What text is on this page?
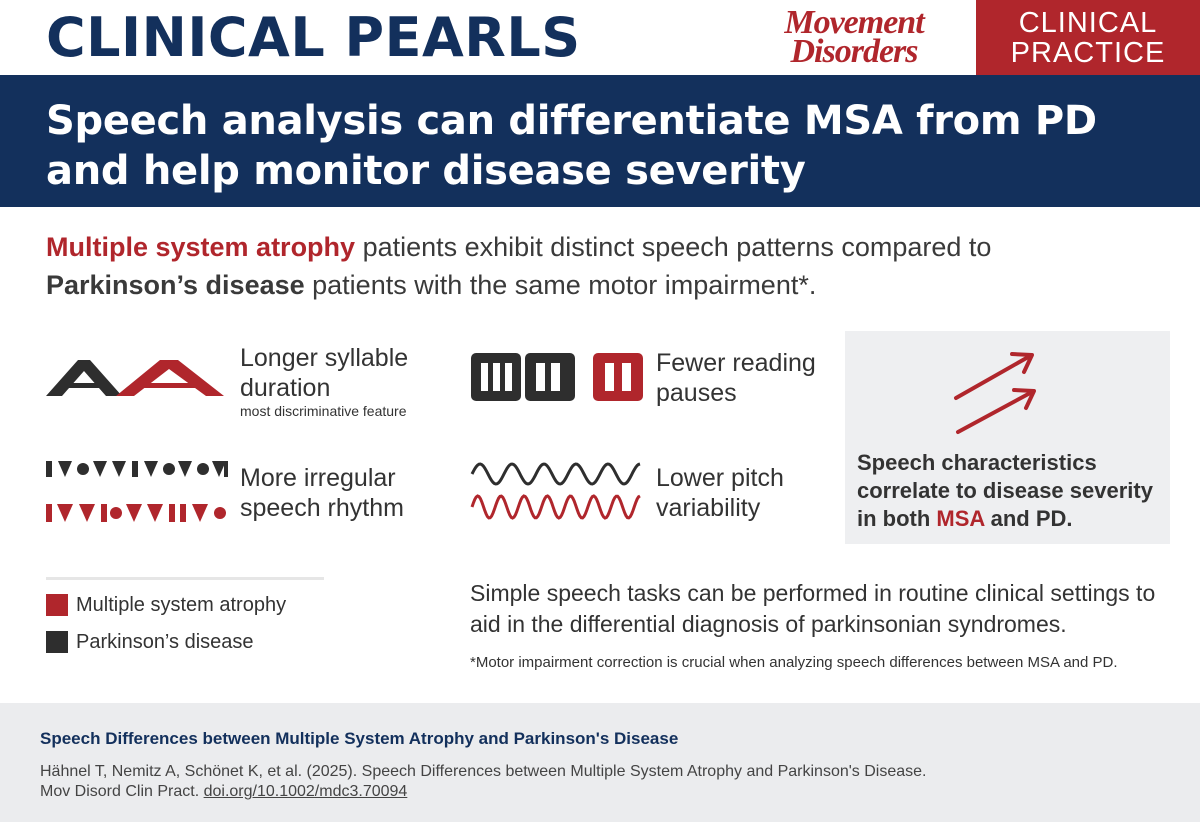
CLINICAL PEARLS	Movement
Disorders
CLINICAL
PRACTICE
Speech analysis can differentiate MSA from PD and help monitor disease severity
Multiple system atrophy patients exhibit distinct speech patterns compared to
Parkinson’s disease patients with the same motor impairment*.
Longer syllable
duration
most discriminative feature
More irregular
speech rhythm
Fewer reading
pauses
Lower pitch
variability
Speech characteristics
correlate to disease severity
in both MSA and PD.
Multiple system atrophy
Parkinson’s disease
Simple speech tasks can be performed in routine clinical settings to aid in the differential diagnosis of parkinsonian syndromes.
*Motor impairment correction is crucial when analyzing speech differences between MSA and PD.
Speech Differences between Multiple System Atrophy and Parkinson's Disease
Hähnel T, Nemitz A, Schönet K, et al. (2025). Speech Differences between Multiple System Atrophy and Parkinson's Disease.
Mov Disord Clin Pract. doi.org/10.1002/mdc3.70094
